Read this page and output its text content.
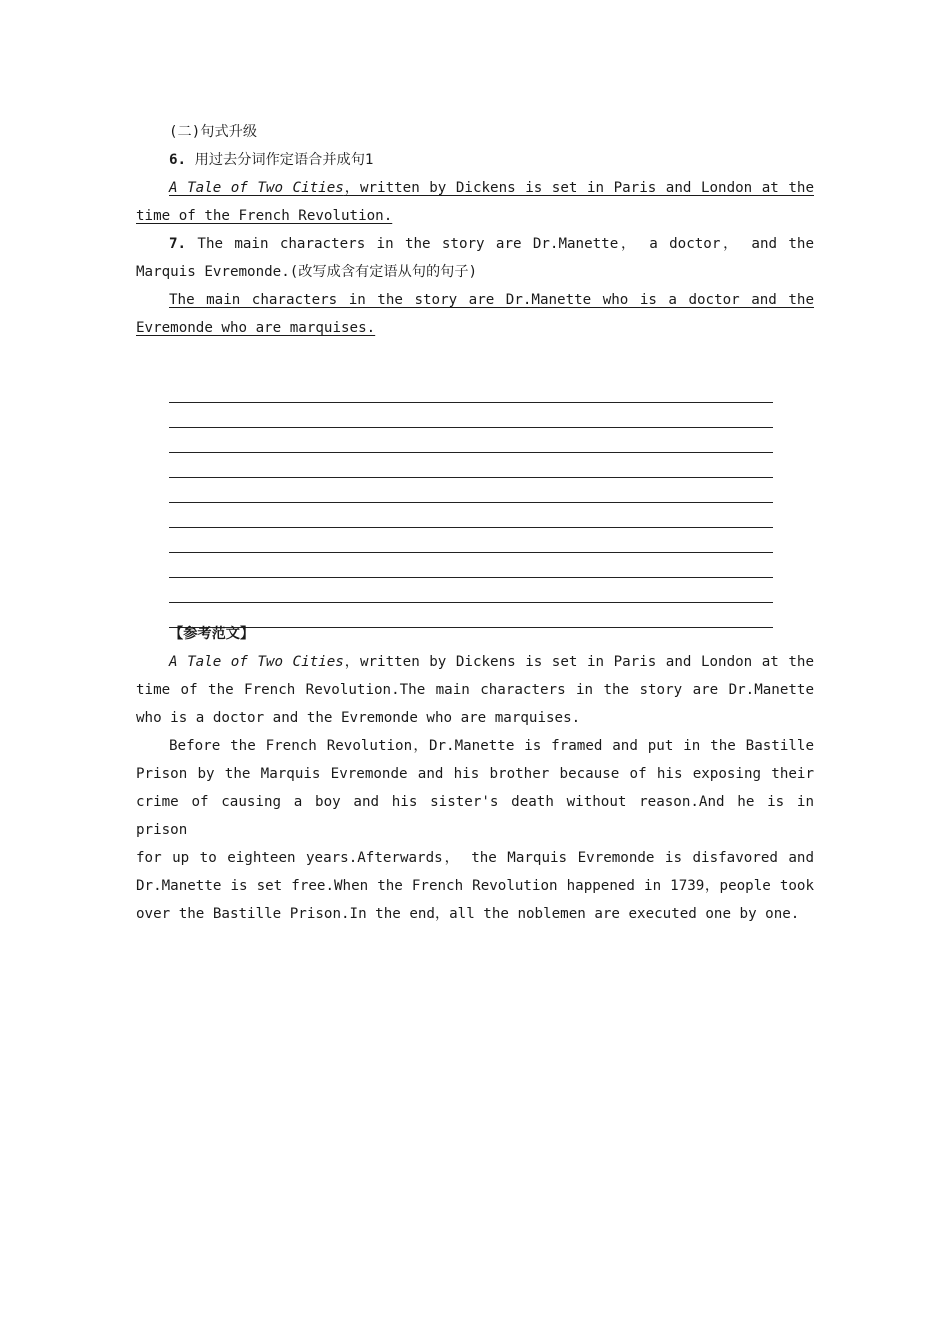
(二)句式升级
6. 用过去分词作定语合并成句1
A Tale of Two Cities，written by Dickens is set in Paris and London at the
time of the French Revolution.
7. The main characters in the story are Dr.Manette， a doctor， and the
Marquis Evremonde.(改写成含有定语从句的句子)
The main characters in the story are Dr.Manette who is a doctor and the
Evremonde who are marquises.
【参考范文】
A Tale of Two Cities，written by Dickens is set in Paris and London at the
time of the French Revolution.The main characters in the story are Dr.Manette
who is a doctor and the Evremonde who are marquises.
Before the French Revolution，Dr.Manette is framed and put in the Bastille
Prison by the Marquis Evremonde and his brother because of his exposing their
crime of causing a boy and his sister's death without reason.And he is in prison
for up to eighteen years.Afterwards， the Marquis Evremonde is disfavored and
Dr.Manette is set free.When the French Revolution happened in 1739，people took
over the Bastille Prison.In the end，all the noblemen are executed one by one.
